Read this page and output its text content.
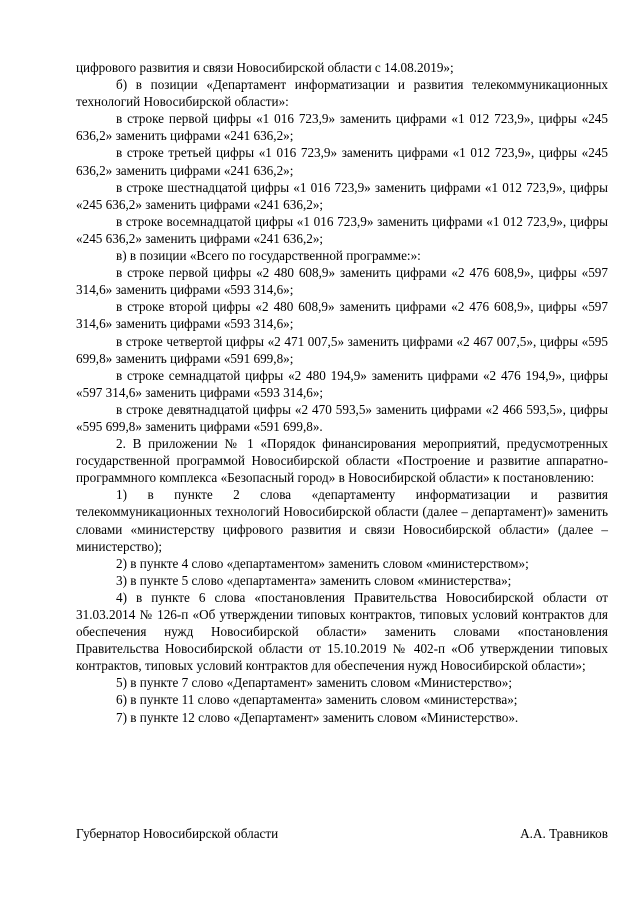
цифрового развития и связи Новосибирской области с 14.08.2019»;

б) в позиции «Департамент информатизации и развития телекоммуникационных технологий Новосибирской области»:

в строке первой цифры «1 016 723,9» заменить цифрами «1 012 723,9», цифры «245 636,2» заменить цифрами «241 636,2»;

в строке третьей цифры «1 016 723,9» заменить цифрами «1 012 723,9», цифры «245 636,2» заменить цифрами «241 636,2»;

в строке шестнадцатой цифры «1 016 723,9» заменить цифрами «1 012 723,9», цифры «245 636,2» заменить цифрами «241 636,2»;

в строке восемнадцатой цифры «1 016 723,9» заменить цифрами «1 012 723,9», цифры «245 636,2» заменить цифрами «241 636,2»;

в) в позиции «Всего по государственной программе:»:

в строке первой цифры «2 480 608,9» заменить цифрами «2 476 608,9», цифры «597 314,6» заменить цифрами «593 314,6»;

в строке второй цифры «2 480 608,9» заменить цифрами «2 476 608,9», цифры «597 314,6» заменить цифрами «593 314,6»;

в строке четвертой цифры «2 471 007,5» заменить цифрами «2 467 007,5», цифры «595 699,8» заменить цифрами «591 699,8»;

в строке семнадцатой цифры «2 480 194,9» заменить цифрами «2 476 194,9», цифры «597 314,6» заменить цифрами «593 314,6»;

в строке девятнадцатой цифры «2 470 593,5» заменить цифрами «2 466 593,5», цифры «595 699,8» заменить цифрами «591 699,8».

2. В приложении № 1 «Порядок финансирования мероприятий, предусмотренных государственной программой Новосибирской области «Построение и развитие аппаратно-программного комплекса «Безопасный город» в Новосибирской области» к постановлению:

1) в пункте 2 слова «департаменту информатизации и развития телекоммуникационных технологий Новосибирской области (далее – департамент)» заменить словами «министерству цифрового развития и связи Новосибирской области» (далее – министерство);

2) в пункте 4 слово «департаментом» заменить словом «министерством»;

3) в пункте 5 слово «департамента» заменить словом «министерства»;

4) в пункте 6 слова «постановления Правительства Новосибирской области от 31.03.2014 № 126-п «Об утверждении типовых контрактов, типовых условий контрактов для обеспечения нужд Новосибирской области» заменить словами «постановления Правительства Новосибирской области от 15.10.2019 № 402-п «Об утверждении типовых контрактов, типовых условий контрактов для обеспечения нужд Новосибирской области»;

5) в пункте 7 слово «Департамент» заменить словом «Министерство»;

6) в пункте 11 слово «департамента» заменить словом «министерства»;

7) в пункте 12 слово «Департамент» заменить словом «Министерство».

Губернатор Новосибирской области	А.А. Травников
